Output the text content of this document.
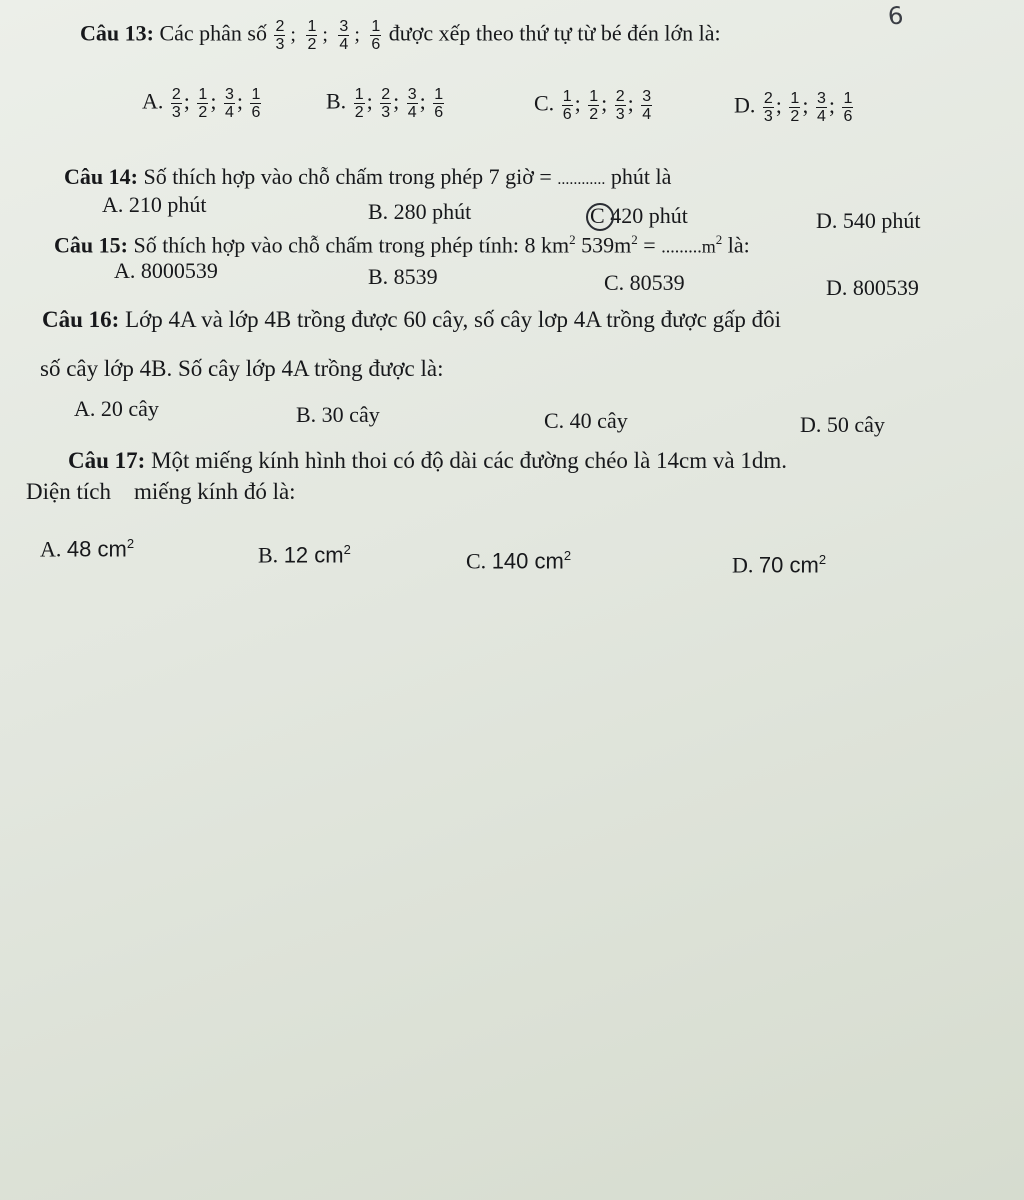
6
Câu 13: Các phân số $\frac{2}{3}$ ; $\frac{1}{2}$ ; $\frac{3}{4}$ ; $\frac{1}{6}$ được xếp theo thứ tự từ bé đén lớn là:
A. $\frac{2}{3}$ ; $\frac{1}{2}$ ; $\frac{3}{4}$ ; $\frac{1}{6}$	B. $\frac{1}{2}$ ; $\frac{2}{3}$ ; $\frac{3}{4}$ ; $\frac{1}{6}$	C. $\frac{1}{6}$ ; $\frac{1}{2}$ ; $\frac{2}{3}$ ; $\frac{3}{4}$	D. $\frac{2}{3}$ ; $\frac{1}{2}$ ; $\frac{3}{4}$ ; $\frac{1}{6}$
Câu 14: Số thích hợp vào chỗ chấm trong phép 7 giờ = ............ phút là
A. 210 phút	B. 280 phút	C 420 phút	D. 540 phút
Câu 15: Số thích hợp vào chỗ chấm trong phép tính: 8 $km^2$ $539m^2 = .........m^2$ là:
A. 8000539	B. 8539	C. 80539	D. 800539
Câu 16: Lớp 4A và lớp 4B trồng được 60 cây, số cây lơp 4A trồng được gấp đôi
số cây lớp 4B. Số cây lớp 4A trồng được là:
A. 20 cây	B. 30 cây	C. 40 cây	D. 50 cây
Câu 17: Một miếng kính hình thoi có độ dài các đường chéo là 14cm và 1dm.
Diện tích miếng kính đó là:
A. 48 $cm^2$	B. 12 $cm^2$	C. 140 $cm^2$	D. 70 $cm^2$
